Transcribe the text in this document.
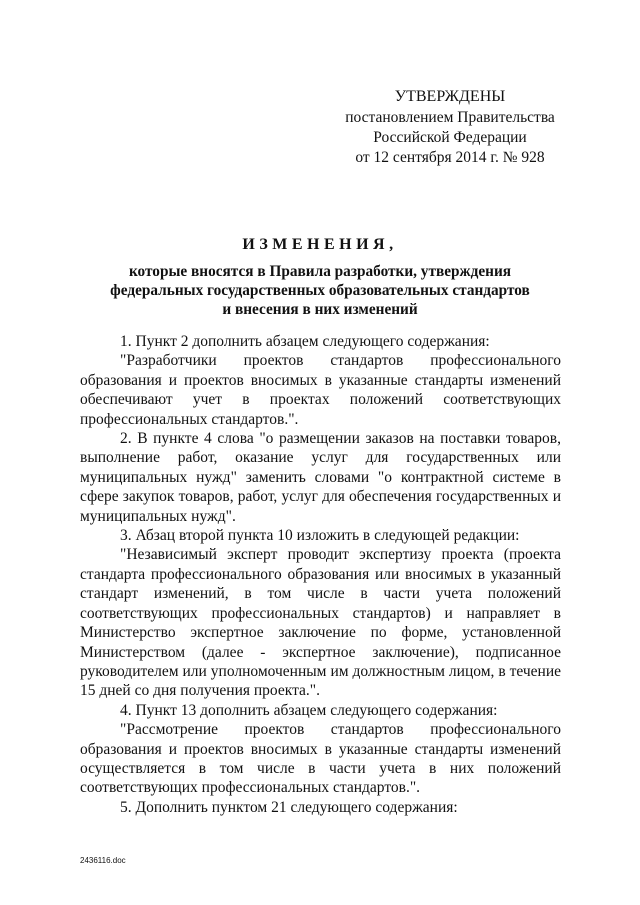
УТВЕРЖДЕНЫ
постановлением Правительства
Российской Федерации
от 12 сентября 2014 г. № 928
ИЗМЕНЕНИЯ,
которые вносятся в Правила разработки, утверждения
федеральных государственных образовательных стандартов
и внесения в них изменений

1. Пункт 2 дополнить абзацем следующего содержания:

"Разработчики проектов стандартов профессионального образования и проектов вносимых в указанные стандарты изменений обеспечивают учет в проектах положений соответствующих профессиональных стандартов.".

2. В пункте 4 слова "о размещении заказов на поставки товаров, выполнение работ, оказание услуг для государственных или муниципальных нужд" заменить словами "о контрактной системе в сфере закупок товаров, работ, услуг для обеспечения государственных и муниципальных нужд".

3. Абзац второй пункта 10 изложить в следующей редакции:

"Независимый эксперт проводит экспертизу проекта (проекта стандарта профессионального образования или вносимых в указанный стандарт изменений, в том числе в части учета положений соответствующих профессиональных стандартов) и направляет в Министерство экспертное заключение по форме, установленной Министерством (далее - экспертное заключение), подписанное руководителем или уполномоченным им должностным лицом, в течение 15 дней со дня получения проекта.".

4. Пункт 13 дополнить абзацем следующего содержания:

"Рассмотрение проектов стандартов профессионального образования и проектов вносимых в указанные стандарты изменений осуществляется в том числе в части учета в них положений соответствующих профессиональных стандартов.".

5. Дополнить пунктом 21 следующего содержания:

2436116.doc
